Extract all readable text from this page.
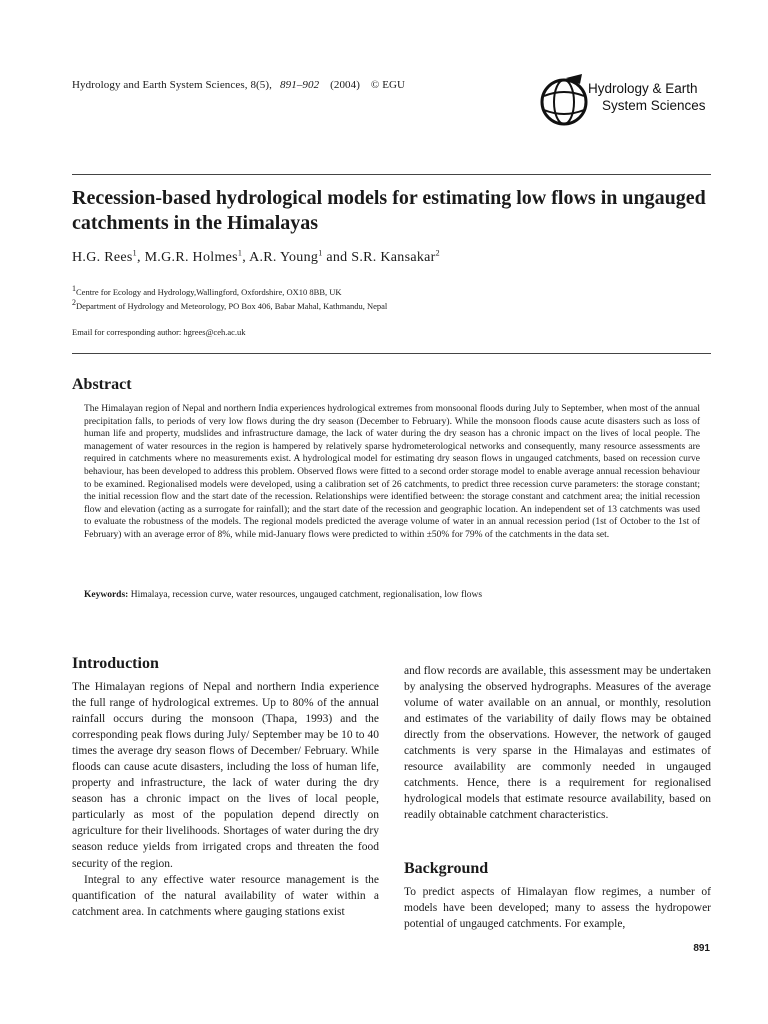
Hydrology and Earth System Sciences, 8(5), 891–902 (2004) © EGU	Hydrology & Earth
System Sciences
Recession-based hydrological models for estimating low flows in ungauged catchments in the Himalayas
H.G. Rees$^1$, M.G.R. Holmes$^1$, A.R. Young$^1$ and S.R. Kansakar$^2$
$^1$Centre for Ecology and Hydrology,Wallingford, Oxfordshire, OX10 8BB, UK
$^2$Department of Hydrology and Meteorology, PO Box 406, Babar Mahal, Kathmandu, Nepal
Email for corresponding author: hgrees@ceh.ac.uk
Abstract
The Himalayan region of Nepal and northern India experiences hydrological extremes from monsoonal floods during July to September, when most of the annual precipitation falls, to periods of very low flows during the dry season (December to February). While the monsoon floods cause acute disasters such as loss of human life and property, mudslides and infrastructure damage, the lack of water during the dry season has a chronic impact on the lives of local people. The management of water resources in the region is hampered by relatively sparse hydrometerological networks and consequently, many resource assessments are required in catchments where no measurements exist. A hydrological model for estimating dry season flows in ungauged catchments, based on recession curve behaviour, has been developed to address this problem. Observed flows were fitted to a second order storage model to enable average annual recession behaviour to be examined. Regionalised models were developed, using a calibration set of 26 catchments, to predict three recession curve parameters: the storage constant; the initial recession flow and the start date of the recession. Relationships were identified between: the storage constant and catchment area; the initial recession flow and elevation (acting as a surrogate for rainfall); and the start date of the recession and geographic location. An independent set of 13 catchments was used to evaluate the robustness of the models. The regional models predicted the average volume of water in an annual recession period (1st of October to the 1st of February) with an average error of 8%, while mid-January flows were predicted to within ±50% for 79% of the catchments in the data set.
Keywords: Himalaya, recession curve, water resources, ungauged catchment, regionalisation, low flows
Introduction
The Himalayan regions of Nepal and northern India experience the full range of hydrological extremes. Up to 80% of the annual rainfall occurs during the monsoon (Thapa, 1993) and the corresponding peak flows during July/ September may be 10 to 40 times the average dry season flows of December/ February. While floods can cause acute disasters, including the loss of human life, property and infrastructure, the lack of water during the dry season has a chronic impact on the lives of local people, particularly as most of the population depend directly on agriculture for their livelihoods. Shortages of water during the dry season reduce yields from irrigated crops and threaten the food security of the region.
Integral to any effective water resource management is the quantification of the natural availability of water within a catchment area. In catchments where gauging stations exist
and flow records are available, this assessment may be undertaken by analysing the observed hydrographs. Measures of the average volume of water available on an annual, or monthly, resolution and estimates of the variability of daily flows may be obtained directly from the observations. However, the network of gauged catchments is very sparse in the Himalayas and estimates of resource availability are commonly needed in ungauged catchments. Hence, there is a requirement for regionalised hydrological models that estimate resource availability, based on readily obtainable catchment characteristics.
Background
To predict aspects of Himalayan flow regimes, a number of models have been developed; many to assess the hydropower potential of ungauged catchments. For example,
891
